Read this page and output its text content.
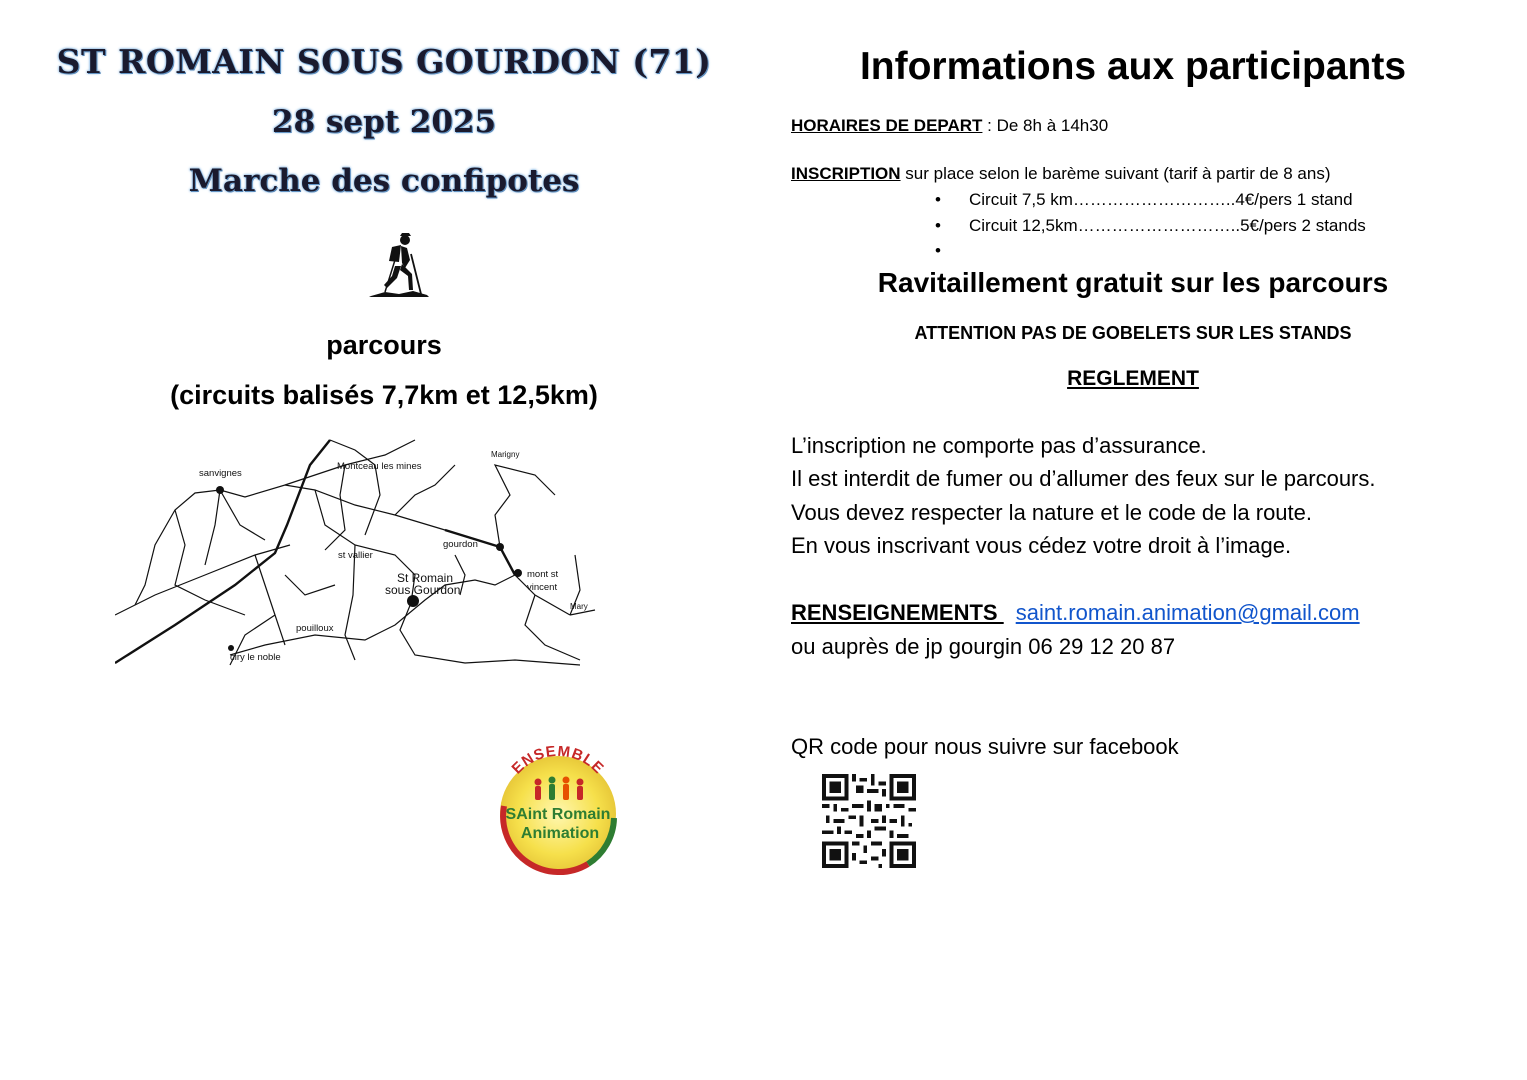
ST ROMAIN SOUS GOURDON (71)
28 sept 2025
Marche des confipotes
parcours
(circuits balisés 7,7km et 12,5km)
sanvignes
Montceau les mines
Marigny
gourdon
st vallier
St Romain
sous Gourdon
mont st
vincent
Mary
pouilloux
ciry le noble
ENSEMBLE
SAint Romain
Animation
Informations aux participants
HORAIRES DE DEPART : De 8h à 14h30
INSCRIPTION sur place selon le barème suivant (tarif à partir de 8 ans)
• Circuit 7,5 km………………………..4€/pers 1 stand
• Circuit 12,5km………………………..5€/pers 2 stands
•
Ravitaillement gratuit sur les parcours
ATTENTION PAS DE GOBELETS SUR LES STANDS
REGLEMENT
L’inscription ne comporte pas d’assurance.
Il est interdit de fumer ou d’allumer des feux sur le parcours.
Vous devez respecter la nature et le code de la route.
En vous inscrivant vous cédez votre droit à l’image.
RENSEIGNEMENTS saint.romain.animation@gmail.com
ou auprès de jp gourgin 06 29 12 20 87
QR code pour nous suivre sur facebook
